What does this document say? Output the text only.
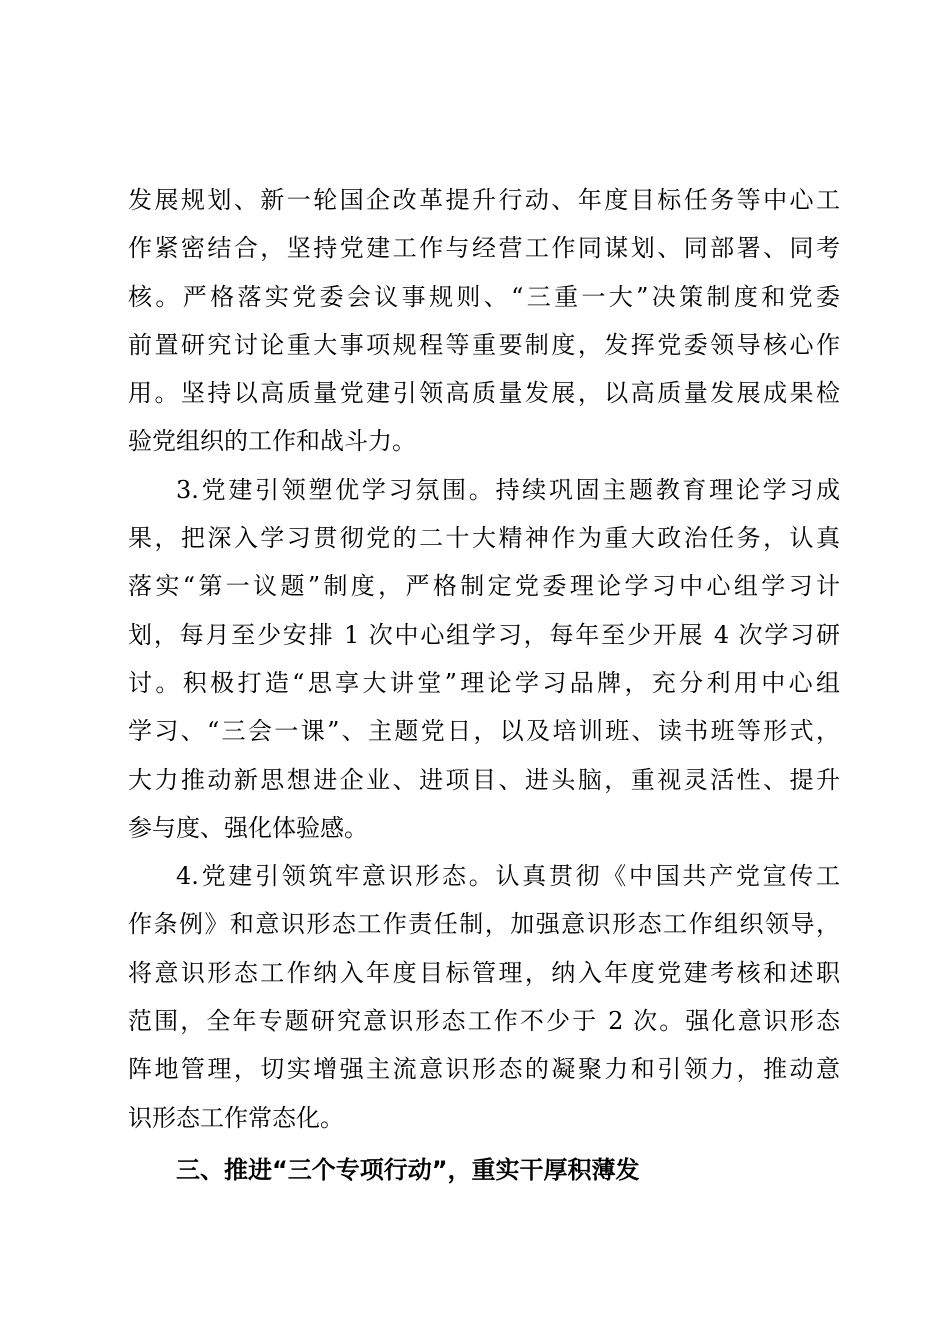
发展规划、新一轮国企改革提升行动、年度目标任务等中心工
作紧密结合，坚持党建工作与经营工作同谋划、同部署、同考
核。严格落实党委会议事规则、“三重一大”决策制度和党委
前置研究讨论重大事项规程等重要制度，发挥党委领导核心作
用。坚持以高质量党建引领高质量发展，以高质量发展成果检
验党组织的工作和战斗力。
3.党建引领塑优学习氛围。持续巩固主题教育理论学习成
果，把深入学习贯彻党的二十大精神作为重大政治任务，认真
落实“第一议题”制度，严格制定党委理论学习中心组学习计
划，每月至少安排 1 次中心组学习，每年至少开展 4 次学习研
讨。积极打造“思享大讲堂”理论学习品牌，充分利用中心组
学习、“三会一课”、主题党日，以及培训班、读书班等形式，
大力推动新思想进企业、进项目、进头脑，重视灵活性、提升
参与度、强化体验感。
4.党建引领筑牢意识形态。认真贯彻《中国共产党宣传工
作条例》和意识形态工作责任制，加强意识形态工作组织领导，
将意识形态工作纳入年度目标管理，纳入年度党建考核和述职
范围，全年专题研究意识形态工作不少于 2 次。强化意识形态
阵地管理，切实增强主流意识形态的凝聚力和引领力，推动意
识形态工作常态化。
三、推进“三个专项行动”，重实干厚积薄发
